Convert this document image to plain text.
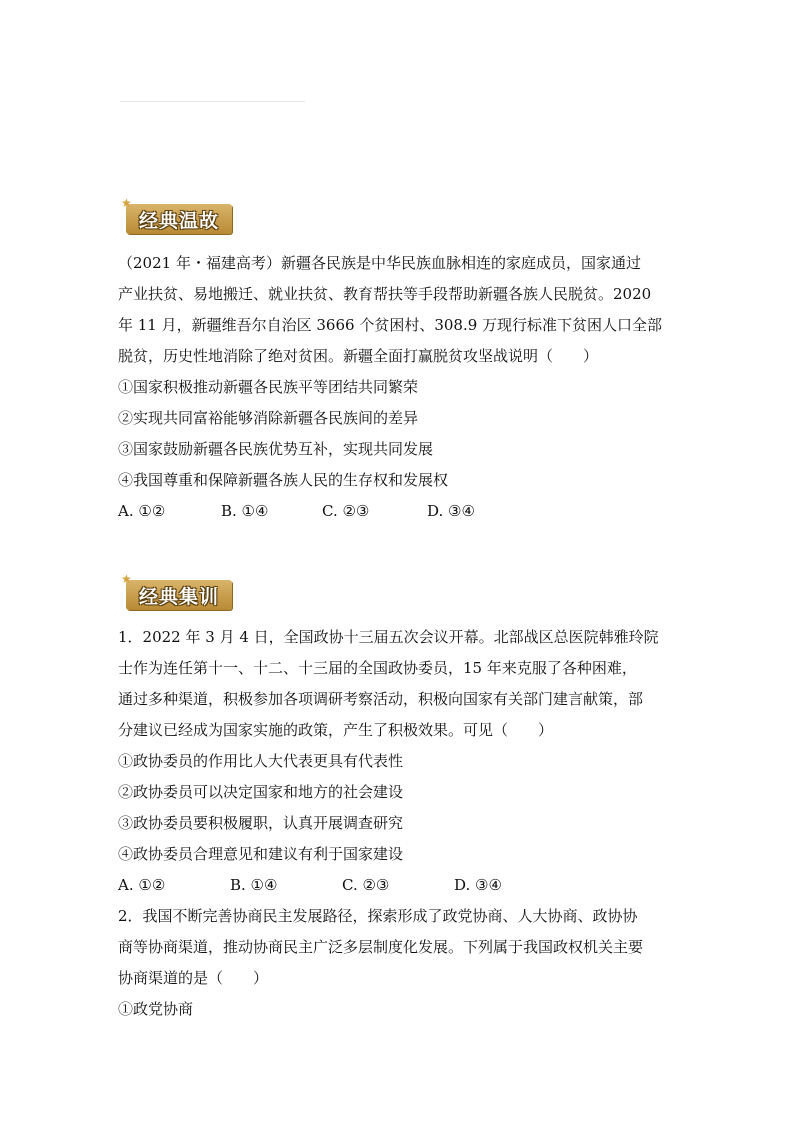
★
经典温故
（2021 年・福建高考）新疆各民族是中华民族血脉相连的家庭成员，国家通过
产业扶贫、易地搬迁、就业扶贫、教育帮扶等手段帮助新疆各族人民脱贫。2020
年 11 月，新疆维吾尔自治区 3666 个贫困村、308.9 万现行标准下贫困人口全部
脱贫，历史性地消除了绝对贫困。新疆全面打赢脱贫攻坚战说明（　　）
①国家积极推动新疆各民族平等团结共同繁荣
②实现共同富裕能够消除新疆各民族间的差异
③国家鼓励新疆各民族优势互补，实现共同发展
④我国尊重和保障新疆各族人民的生存权和发展权
A. ①②	B. ①④	C. ②③	D. ③④
★
经典集训
1．2022 年 3 月 4 日，全国政协十三届五次会议开幕。北部战区总医院韩雅玲院
士作为连任第十一、十二、十三届的全国政协委员，15 年来克服了各种困难，
通过多种渠道，积极参加各项调研考察活动，积极向国家有关部门建言献策，部
分建议已经成为国家实施的政策，产生了积极效果。可见（　　）
①政协委员的作用比人大代表更具有代表性
②政协委员可以决定国家和地方的社会建设
③政协委员要积极履职，认真开展调查研究
④政协委员合理意见和建议有利于国家建设
A. ①②	B. ①④	C. ②③	D. ③④
2．我国不断完善协商民主发展路径，探索形成了政党协商、人大协商、政协协
商等协商渠道，推动协商民主广泛多层制度化发展。下列属于我国政权机关主要
协商渠道的是（　　）
①政党协商
